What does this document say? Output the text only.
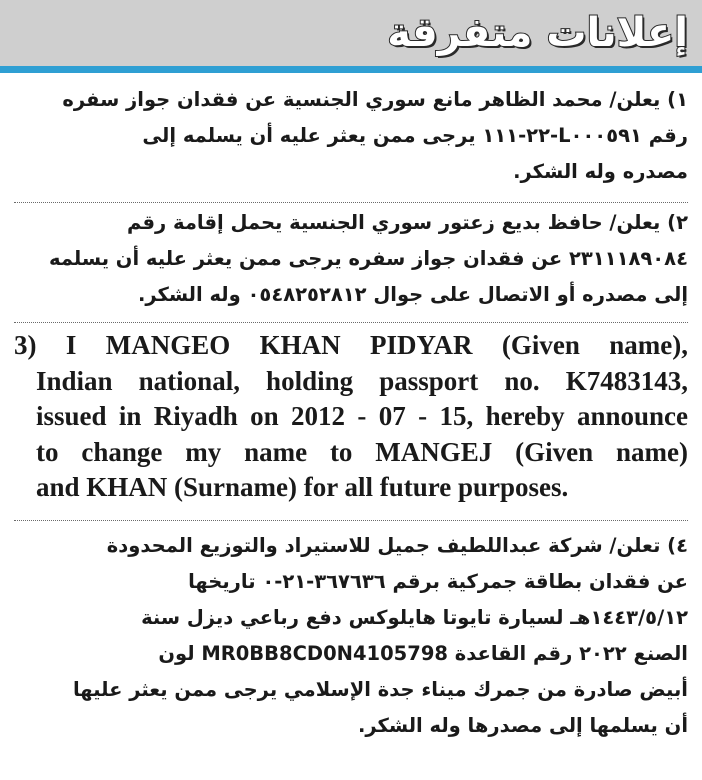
إعلانات متفرقة
١) يعلن/ محمد الظاهر مانع سوري الجنسية عن فقدان جواز سفره
رقم L٠٠٠٥٩١-٢٢-١١١ يرجى ممن يعثر عليه أن يسلمه إلى
مصدره وله الشكر.
٢) يعلن/ حافظ بديع زعتور سوري الجنسية يحمل إقامة رقم
٢٣١١١٨٩٠٨٤ عن فقدان جواز سفره يرجى ممن يعثر عليه أن يسلمه
إلى مصدره أو الاتصال على جوال ٠٥٤٨٢٥٢٨١٢ وله الشكر.
3) I MANGEO KHAN PIDYAR (Given name),
Indian national, holding passport no. K7483143,
issued in Riyadh on 2012 - 07 - 15, hereby announce
to change my name to MANGEJ (Given name)
and KHAN (Surname) for all future purposes.
٤) تعلن/ شركة عبداللطيف جميل للاستيراد والتوزيع المحدودة
عن فقدان بطاقة جمركية برقم ٣٦٧٦٣٦-٢١-٠ تاريخها
١٤٤٣/٥/١٢هـ لسيارة تايوتا هايلوكس دفع رباعي ديزل سنة
الصنع ٢٠٢٢ رقم القاعدة MR0BB8CD0N4105798 لون
أبيض صادرة من جمرك ميناء جدة الإسلامي يرجى ممن يعثر عليها
أن يسلمها إلى مصدرها وله الشكر.
